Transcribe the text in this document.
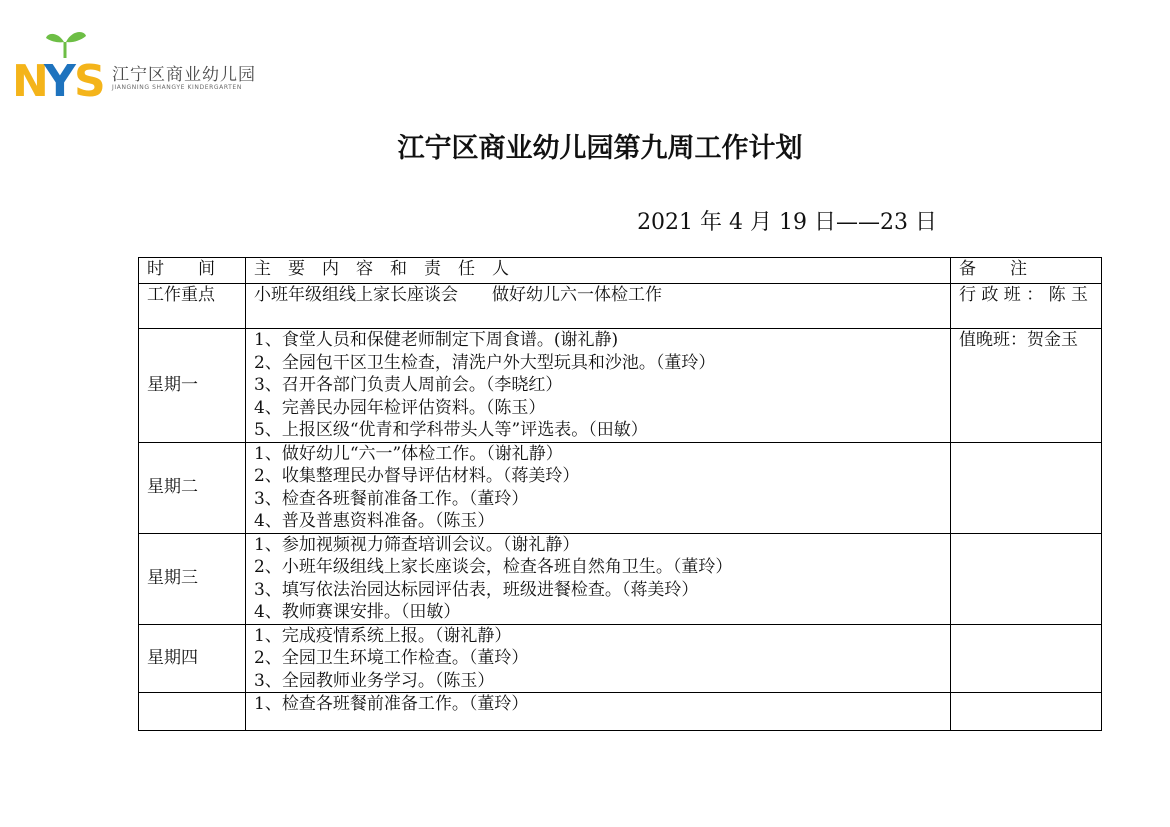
N
Y
S 江宁区商业幼儿园
JIANGNING SHANGYE KINDERGARTEN
江宁区商业幼儿园第九周工作计划
2021 年 4 月 19 日——23 日
时　　间	主　要　内　容　和　责　任　人	备　　注
工作重点	小班年级组线上家长座谈会　　做好幼儿六一体检工作	行 政 班 ： 陈 玉
星期一	1、食堂人员和保健老师制定下周食谱。(谢礼静)
2、全园包干区卫生检查，清洗户外大型玩具和沙池。（董玲）
3、召开各部门负责人周前会。（李晓红）
4、完善民办园年检评估资料。（陈玉）
5、上报区级“优青和学科带头人等”评选表。（田敏）	值晚班：贺金玉
星期二	1、做好幼儿“六一”体检工作。（谢礼静）
2、收集整理民办督导评估材料。（蒋美玲）
3、检查各班餐前准备工作。（董玲）
4、普及普惠资料准备。（陈玉）	

星期三	1、参加视频视力筛查培训会议。（谢礼静）
2、小班年级组线上家长座谈会，检查各班自然角卫生。（董玲）
3、填写依法治园达标园评估表，班级进餐检查。（蒋美玲）
4、教师赛课安排。（田敏）	

星期四	1、完成疫情系统上报。（谢礼静）
2、全园卫生环境工作检查。（董玲）
3、全园教师业务学习。（陈玉）	

	1、检查各班餐前准备工作。（董玲）	
